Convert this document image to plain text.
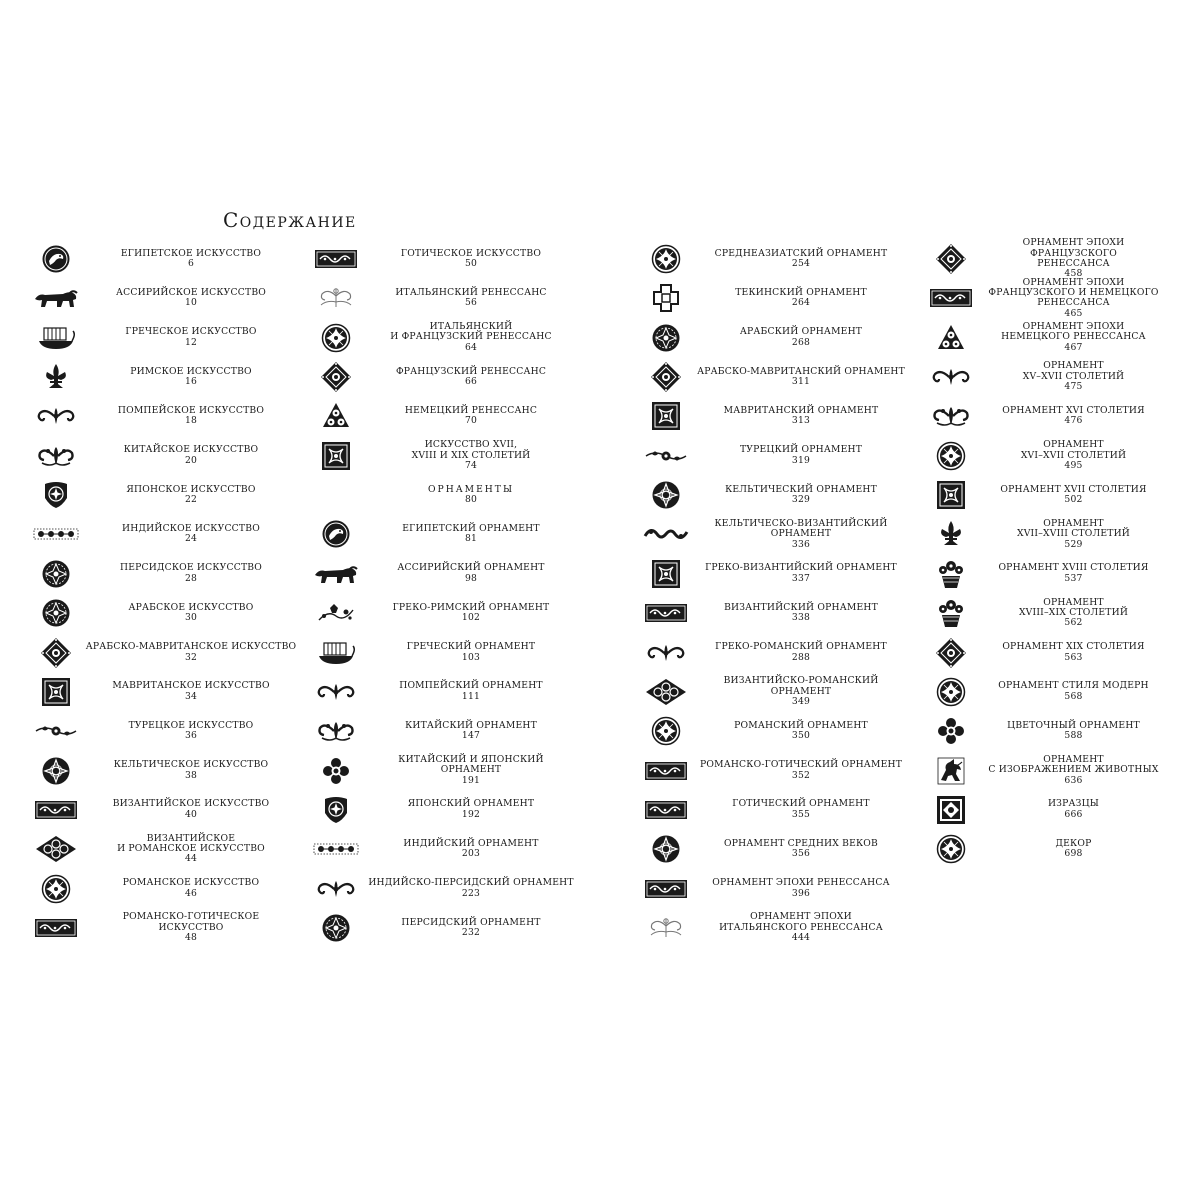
Содержание
ЕГИПЕТСКОЕ ИСКУССТВО
6
АССИРИЙСКОЕ ИСКУССТВО
10
ГРЕЧЕСКОЕ ИСКУССТВО
12
РИМСКОЕ ИСКУССТВО
16
ПОМПЕЙСКОЕ ИСКУССТВО
18
КИТАЙСКОЕ ИСКУССТВО
20
ЯПОНСКОЕ ИСКУССТВО
22
ИНДИЙСКОЕ ИСКУССТВО
24
ПЕРСИДСКОЕ ИСКУССТВО
28
АРАБСКОЕ ИСКУССТВО
30
АРАБСКО-МАВРИТАНСКОЕ ИСКУССТВО
32
МАВРИТАНСКОЕ ИСКУССТВО
34
ТУРЕЦКОЕ ИСКУССТВО
36
КЕЛЬТИЧЕСКОЕ ИСКУССТВО
38
ВИЗАНТИЙСКОЕ ИСКУССТВО
40
ВИЗАНТИЙСКОЕ
И РОМАНСКОЕ ИСКУССТВО
44
РОМАНСКОЕ ИСКУССТВО
46
РОМАНСКО-ГОТИЧЕСКОЕ
ИСКУССТВО
48
ГОТИЧЕСКОЕ ИСКУССТВО
50
ИТАЛЬЯНСКИЙ РЕНЕССАНС
56
ИТАЛЬЯНСКИЙ
И ФРАНЦУЗСКИЙ РЕНЕССАНС
64
ФРАНЦУЗСКИЙ РЕНЕССАНС
66
НЕМЕЦКИЙ РЕНЕССАНС
70
ИСКУССТВО XVII,
XVIII И XIX СТОЛЕТИЙ
74
ОРНАМЕНТЫ
80
ЕГИПЕТСКИЙ ОРНАМЕНТ
81
АССИРИЙСКИЙ ОРНАМЕНТ
98
ГРЕКО-РИМСКИЙ ОРНАМЕНТ
102
ГРЕЧЕСКИЙ ОРНАМЕНТ
103
ПОМПЕЙСКИЙ ОРНАМЕНТ
111
КИТАЙСКИЙ ОРНАМЕНТ
147
КИТАЙСКИЙ И ЯПОНСКИЙ
ОРНАМЕНТ
191
ЯПОНСКИЙ ОРНАМЕНТ
192
ИНДИЙСКИЙ ОРНАМЕНТ
203
ИНДИЙСКО-ПЕРСИДСКИЙ ОРНАМЕНТ
223
ПЕРСИДСКИЙ ОРНАМЕНТ
232
СРЕДНЕАЗИАТСКИЙ ОРНАМЕНТ
254
ТЕКИНСКИЙ ОРНАМЕНТ
264
АРАБСКИЙ ОРНАМЕНТ
268
АРАБСКО-МАВРИТАНСКИЙ ОРНАМЕНТ
311
МАВРИТАНСКИЙ ОРНАМЕНТ
313
ТУРЕЦКИЙ ОРНАМЕНТ
319
КЕЛЬТИЧЕСКИЙ ОРНАМЕНТ
329
КЕЛЬТИЧЕСКО-ВИЗАНТИЙСКИЙ
ОРНАМЕНТ
336
ГРЕКО-ВИЗАНТИЙСКИЙ ОРНАМЕНТ
337
ВИЗАНТИЙСКИЙ ОРНАМЕНТ
338
ГРЕКО-РОМАНСКИЙ ОРНАМЕНТ
288
ВИЗАНТИЙСКО-РОМАНСКИЙ
ОРНАМЕНТ
349
РОМАНСКИЙ ОРНАМЕНТ
350
РОМАНСКО-ГОТИЧЕСКИЙ ОРНАМЕНТ
352
ГОТИЧЕСКИЙ ОРНАМЕНТ
355
ОРНАМЕНТ СРЕДНИХ ВЕКОВ
356
ОРНАМЕНТ ЭПОХИ РЕНЕССАНСА
396
ОРНАМЕНТ ЭПОХИ
ИТАЛЬЯНСКОГО РЕНЕССАНСА
444
ОРНАМЕНТ ЭПОХИ
ФРАНЦУЗСКОГО
РЕНЕССАНСА
458
ОРНАМЕНТ ЭПОХИ
ФРАНЦУЗСКОГО И НЕМЕЦКОГО
РЕНЕССАНСА
465
ОРНАМЕНТ ЭПОХИ
НЕМЕЦКОГО РЕНЕССАНСА
467
ОРНАМЕНТ
XV–XVII СТОЛЕТИЙ
475
ОРНАМЕНТ XVI СТОЛЕТИЯ
476
ОРНАМЕНТ
XVI–XVII СТОЛЕТИЙ
495
ОРНАМЕНТ XVII СТОЛЕТИЯ
502
ОРНАМЕНТ
XVII–XVIII СТОЛЕТИЙ
529
ОРНАМЕНТ XVIII СТОЛЕТИЯ
537
ОРНАМЕНТ
XVIII–XIX СТОЛЕТИЙ
562
ОРНАМЕНТ XIX СТОЛЕТИЯ
563
ОРНАМЕНТ СТИЛЯ МОДЕРН
568
ЦВЕТОЧНЫЙ ОРНАМЕНТ
588
ОРНАМЕНТ
С ИЗОБРАЖЕНИЕМ ЖИВОТНЫХ
636
ИЗРАЗЦЫ
666
ДЕКОР
698
